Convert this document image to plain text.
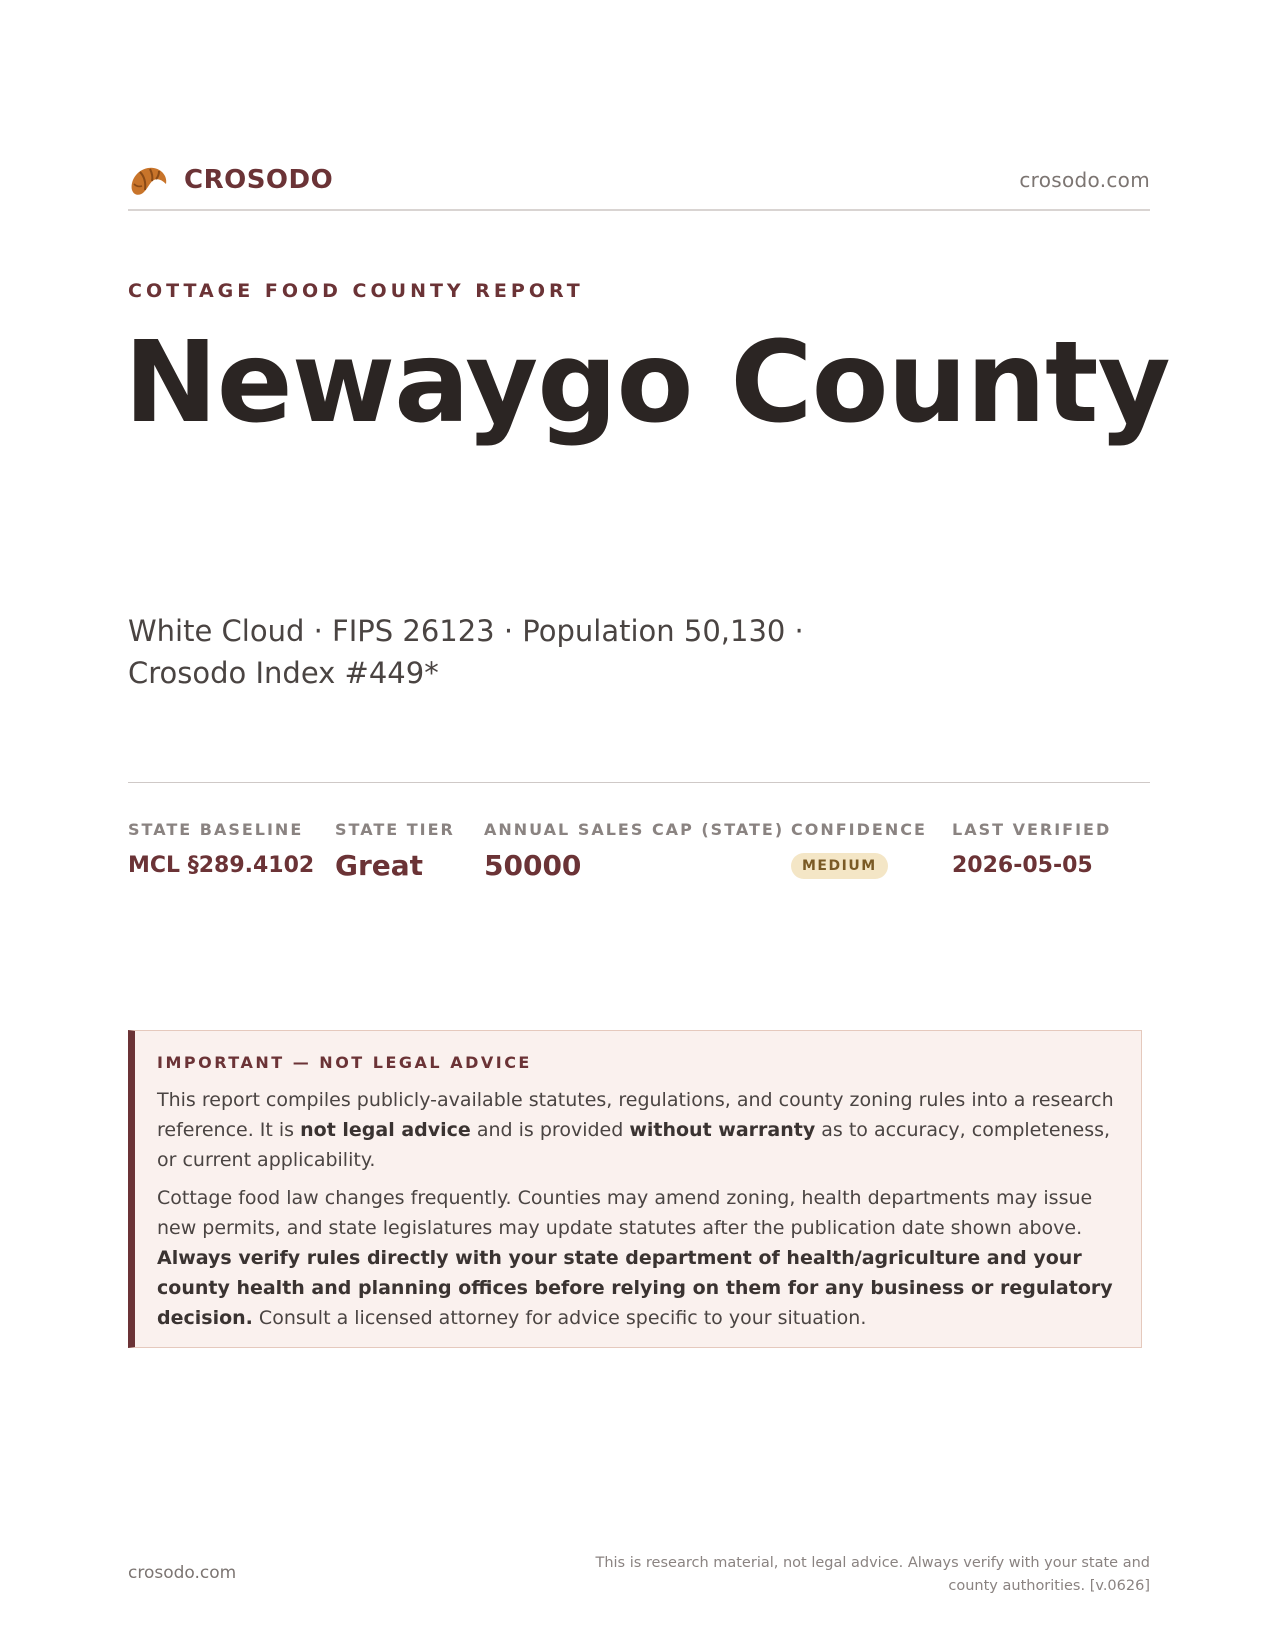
CROSODO	crosodo.com
COTTAGE FOOD COUNTY REPORT
Newaygo County
White Cloud · FIPS 26123 · Population 50,130 · Crosodo Index #449*
STATE BASELINE
MCL §289.4102
STATE TIER
Great
ANNUAL SALES CAP (STATE)
50000
CONFIDENCE
MEDIUM
LAST VERIFIED
2026-05-05
IMPORTANT — NOT LEGAL ADVICE

This report compiles publicly-available statutes, regulations, and county zoning rules into a research reference. It is not legal advice and is provided without warranty as to accuracy, completeness, or current applicability.

Cottage food law changes frequently. Counties may amend zoning, health departments may issue new permits, and state legislatures may update statutes after the publication date shown above. Always verify rules directly with your state department of health/agriculture and your county health and planning offices before relying on them for any business or regulatory decision. Consult a licensed attorney for advice specific to your situation.

crosodo.com	This is research material, not legal advice. Always verify with your state and county authorities. [v.0626]
